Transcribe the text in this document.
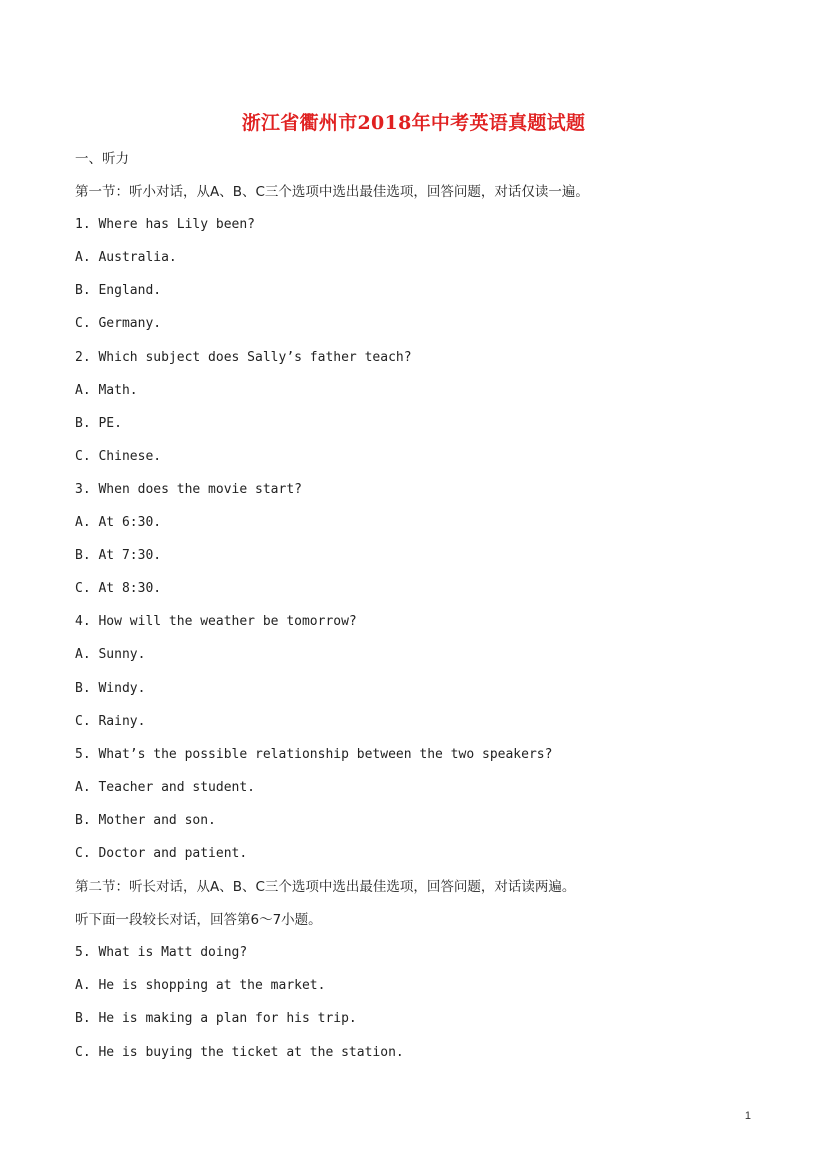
浙江省衢州市2018年中考英语真题试题
一、听力
第一节：听小对话，从A、B、C三个选项中选出最佳选项，回答问题，对话仅读一遍。
1. Where has Lily been?
A. Australia.
B. England.
C. Germany.
2. Which subject does Sally’s father teach?
A. Math.
B. PE.
C. Chinese.
3. When does the movie start?
A. At 6:30.
B. At 7:30.
C. At 8:30.
4. How will the weather be tomorrow?
A. Sunny.
B. Windy.
C. Rainy.
5. What’s the possible relationship between the two speakers?
A. Teacher and student.
B. Mother and son.
C. Doctor and patient.
第二节：听长对话，从A、B、C三个选项中选出最佳选项，回答问题，对话读两遍。
听下面一段较长对话，回答第6～7小题。
5. What is Matt doing?
A. He is shopping at the market.
B. He is making a plan for his trip.
C. He is buying the ticket at the station.
1
